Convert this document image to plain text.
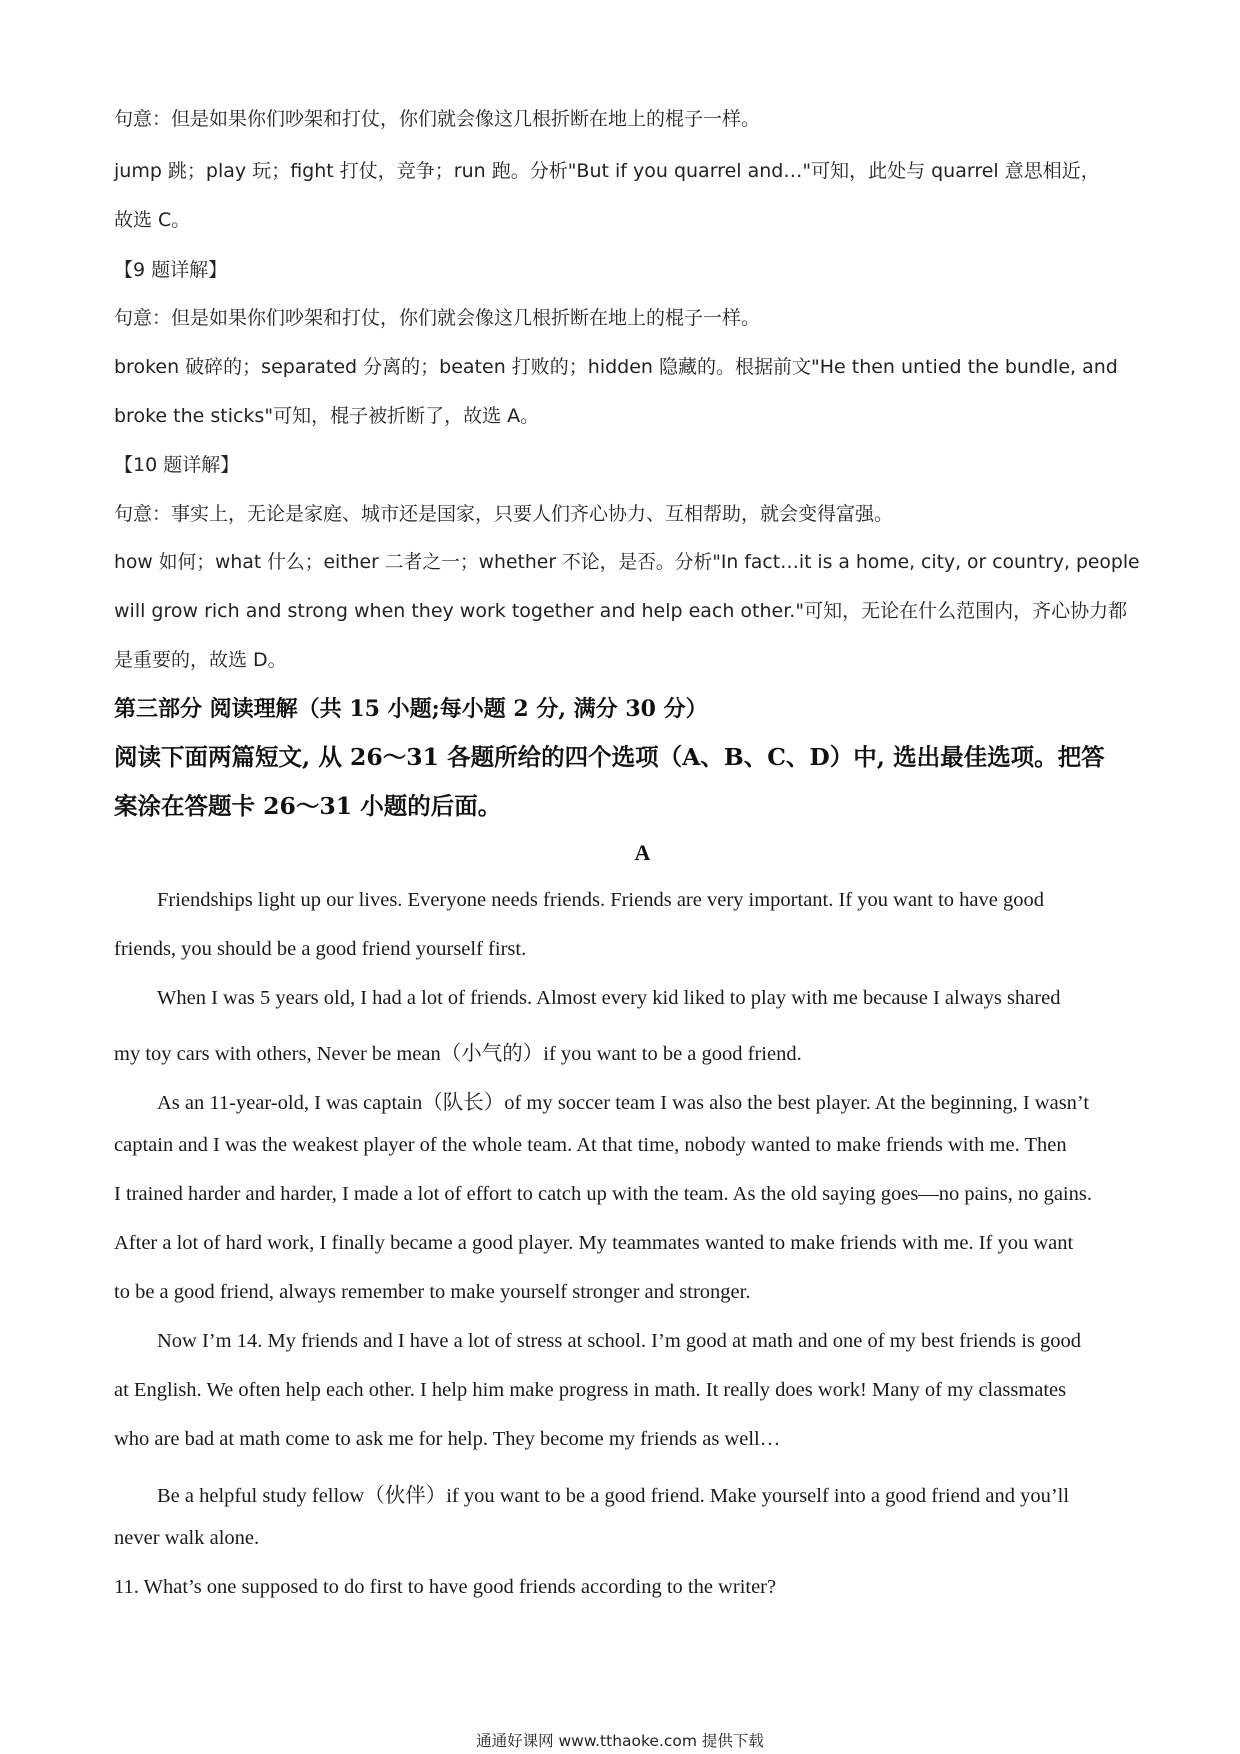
句意：但是如果你们吵架和打仗，你们就会像这几根折断在地上的棍子一样。
jump 跳；play 玩；fight 打仗，竞争；run 跑。分析"But if you quarrel and…"可知，此处与 quarrel 意思相近，
故选 C。
【9 题详解】
句意：但是如果你们吵架和打仗，你们就会像这几根折断在地上的棍子一样。
broken 破碎的；separated 分离的；beaten 打败的；hidden 隐藏的。根据前文"He then untied the bundle, and
broke the sticks"可知，棍子被折断了，故选 A。
【10 题详解】
句意：事实上，无论是家庭、城市还是国家，只要人们齐心协力、互相帮助，就会变得富强。
how 如何；what 什么；either 二者之一；whether 不论，是否。分析"In fact…it is a home, city, or country, people
will grow rich and strong when they work together and help each other."可知，无论在什么范围内，齐心协力都
是重要的，故选 D。
第三部分 阅读理解（共 15 小题;每小题 2 分, 满分 30 分）
阅读下面两篇短文, 从 26～31 各题所给的四个选项（A、B、C、D）中, 选出最佳选项。把答
案涂在答题卡 26～31 小题的后面。
A
Friendships light up our lives. Everyone needs friends. Friends are very important. If you want to have good
friends, you should be a good friend yourself first.
When I was 5 years old, I had a lot of friends. Almost every kid liked to play with me because I always shared
my toy cars with others, Never be mean（小气的）if you want to be a good friend.
As an 11-year-old, I was captain（队长）of my soccer team I was also the best player. At the beginning, I wasn’t
captain and I was the weakest player of the whole team. At that time, nobody wanted to make friends with me. Then
I trained harder and harder, I made a lot of effort to catch up with the team. As the old saying goes—no pains, no gains.
After a lot of hard work, I finally became a good player. My teammates wanted to make friends with me. If you want
to be a good friend, always remember to make yourself stronger and stronger.
Now I’m 14. My friends and I have a lot of stress at school. I’m good at math and one of my best friends is good
at English. We often help each other. I help him make progress in math. It really does work! Many of my classmates
who are bad at math come to ask me for help. They become my friends as well…
Be a helpful study fellow（伙伴）if you want to be a good friend. Make yourself into a good friend and you’ll
never walk alone.
11. What’s one supposed to do first to have good friends according to the writer?
通通好课网 www.tthaoke.com 提供下载
